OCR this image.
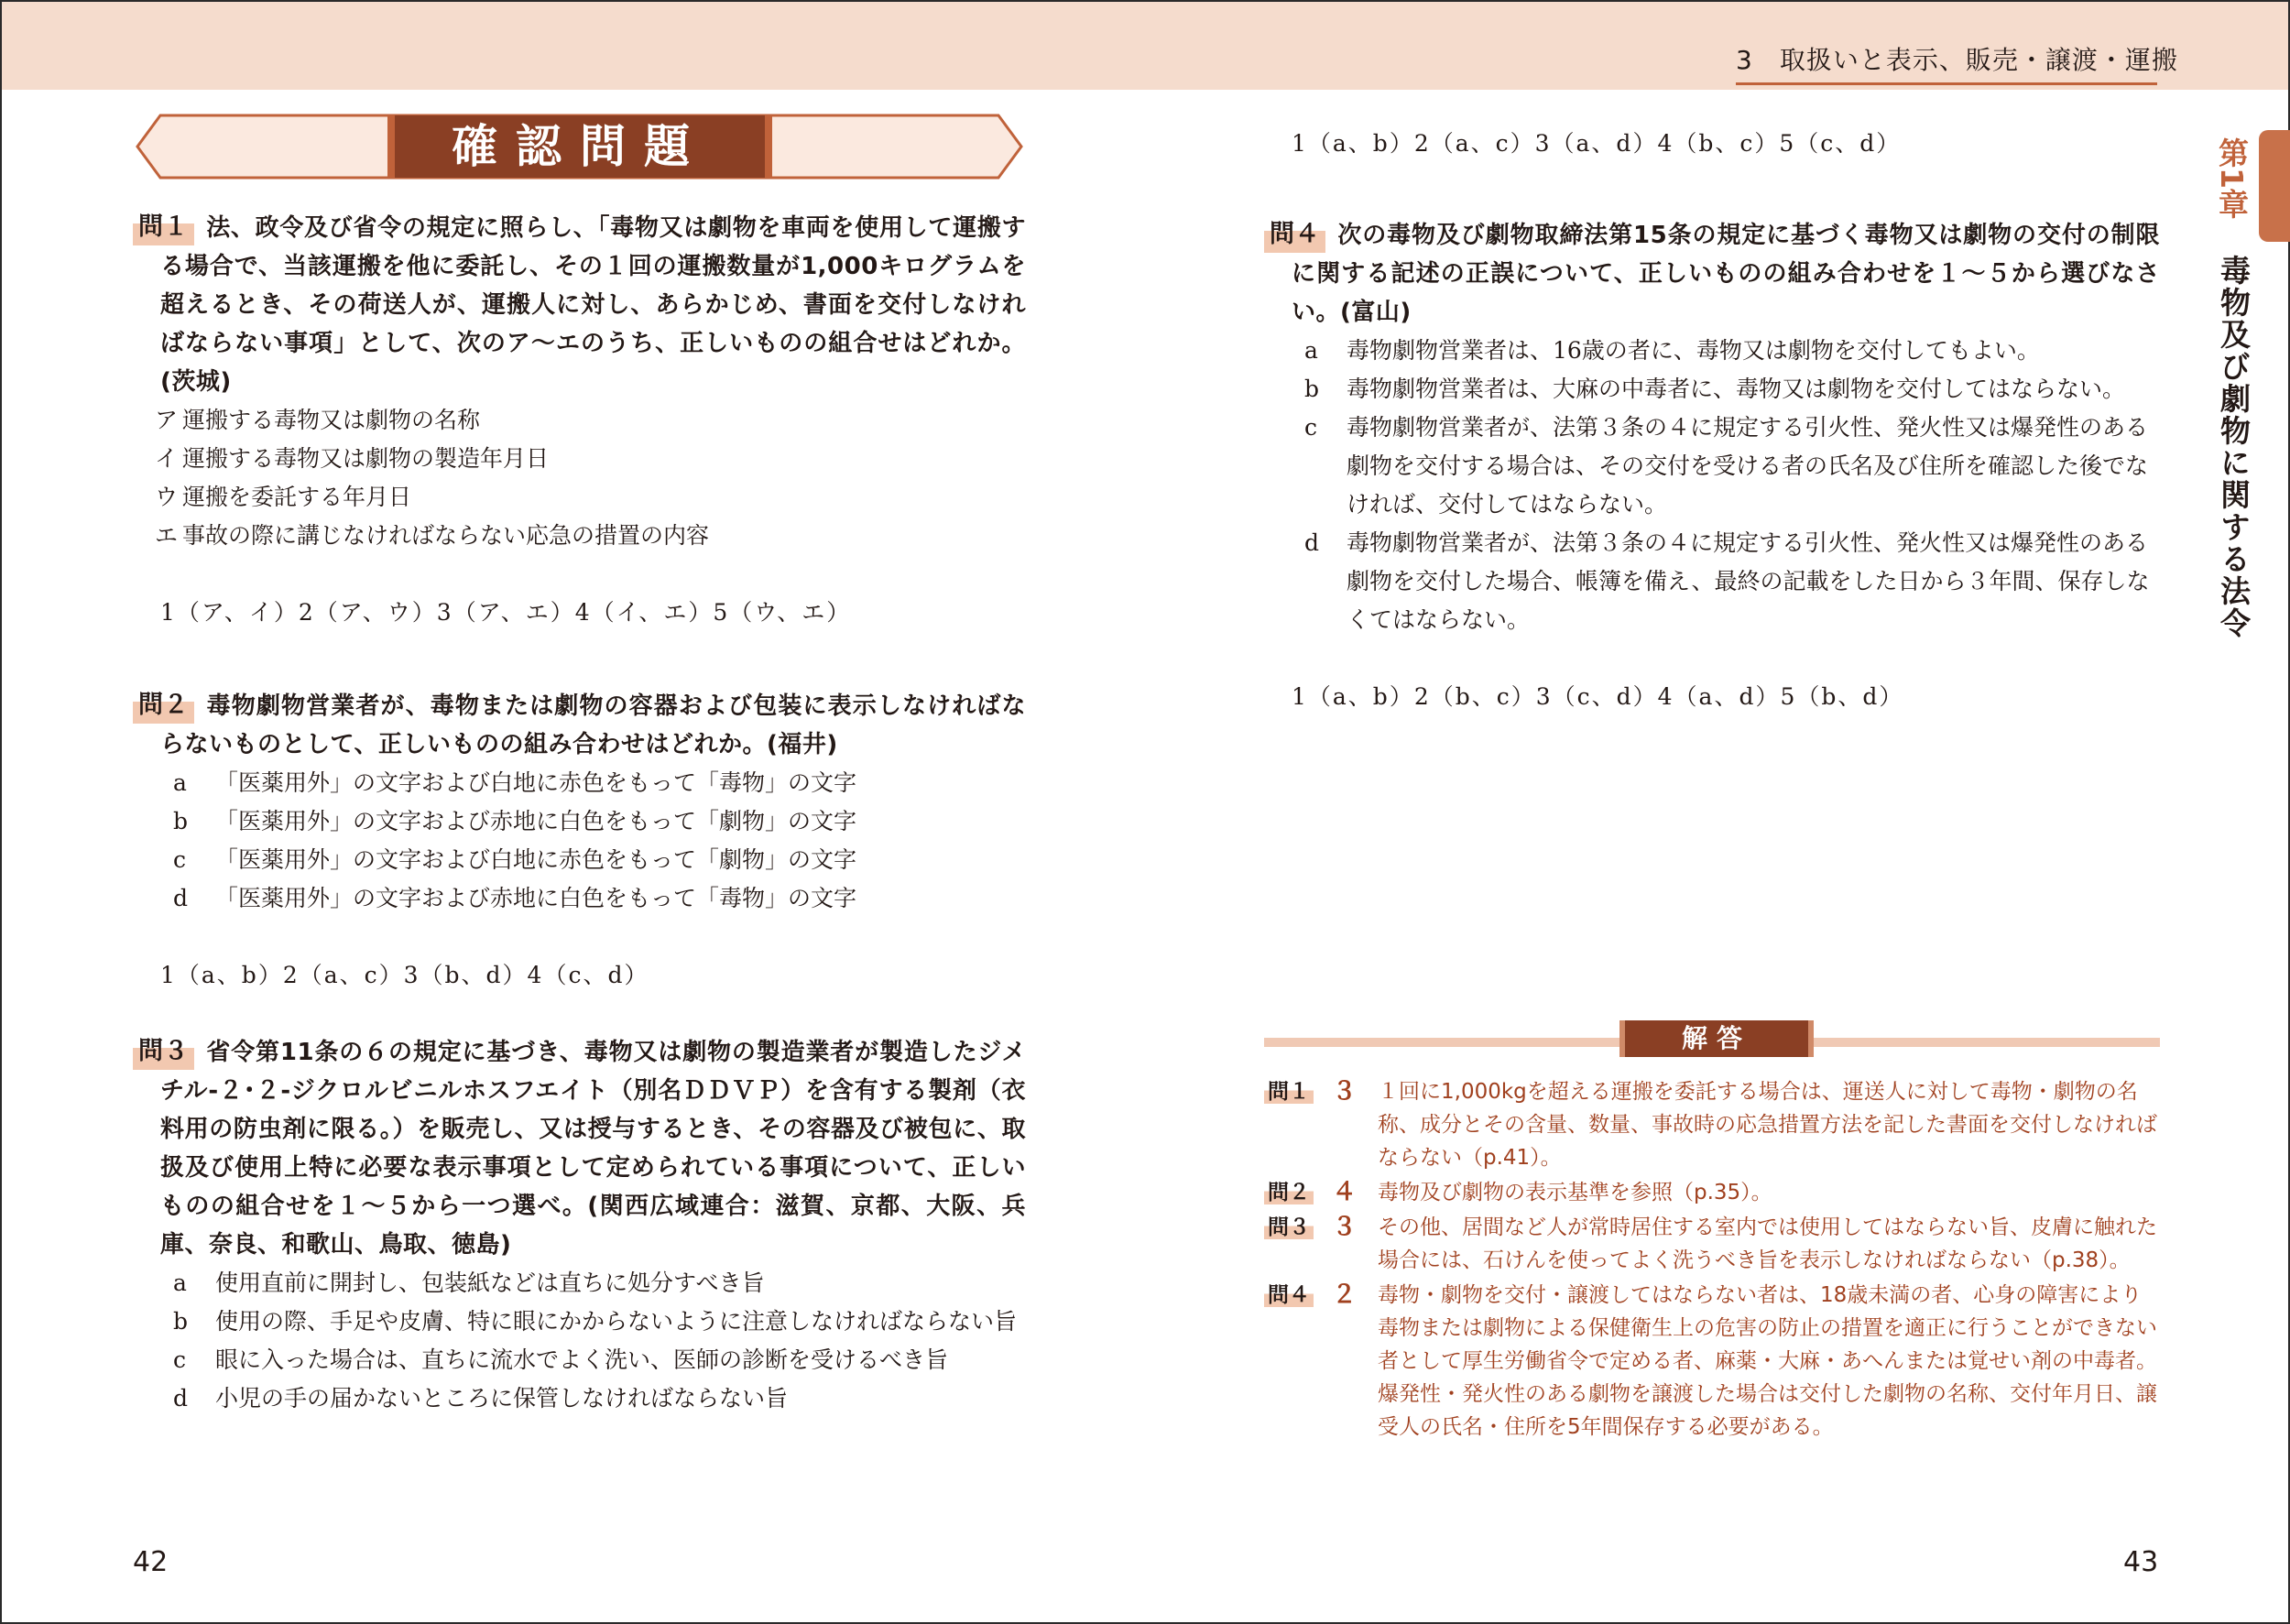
3　取扱いと表示、販売・譲渡・運搬
第1章
毒物及び劇物に関する法令
確認問題
問１ 法、政令及び省令の規定に照らし、「毒物又は劇物を車両を使用して運搬する場合で、当該運搬を他に委託し、その１回の運搬数量が1,000キログラムを超えるとき、その荷送人が、運搬人に対し、あらかじめ、書面を交付しなければならない事項」として、次のア～エのうち、正しいものの組合せはどれか。(茨城)
ア 運搬する毒物又は劇物の名称
イ 運搬する毒物又は劇物の製造年月日
ウ 運搬を委託する年月日
エ 事故の際に講じなければならない応急の措置の内容
1（ア、イ）2（ア、ウ）3（ア、エ）4（イ、エ）5（ウ、エ）
問２ 毒物劇物営業者が、毒物または劇物の容器および包装に表示しなければならないものとして、正しいものの組み合わせはどれか。(福井)
a	「医薬用外」の文字および白地に赤色をもって「毒物」の文字
b	「医薬用外」の文字および赤地に白色をもって「劇物」の文字
c	「医薬用外」の文字および白地に赤色をもって「劇物」の文字
d	「医薬用外」の文字および赤地に白色をもって「毒物」の文字
1（a、b）2（a、c）3（b、d）4（c、d）
問３ 省令第11条の６の規定に基づき、毒物又は劇物の製造業者が製造したジメチル-２･２-ジクロルビニルホスフエイト（別名ＤＤＶＰ）を含有する製剤（衣料用の防虫剤に限る。）を販売し、又は授与するとき、その容器及び被包に、取扱及び使用上特に必要な表示事項として定められている事項について、正しいものの組合せを１～５から一つ選べ。(関西広域連合：滋賀、京都、大阪、兵庫、奈良、和歌山、鳥取、徳島)
a	使用直前に開封し、包装紙などは直ちに処分すべき旨
b	使用の際、手足や皮膚、特に眼にかからないように注意しなければならない旨
c	眼に入った場合は、直ちに流水でよく洗い、医師の診断を受けるべき旨
d	小児の手の届かないところに保管しなければならない旨
1（a、b）2（a、c）3（a、d）4（b、c）5（c、d）
問４ 次の毒物及び劇物取締法第15条の規定に基づく毒物又は劇物の交付の制限に関する記述の正誤について、正しいものの組み合わせを１～５から選びなさい。(富山)
a	毒物劇物営業者は、16歳の者に、毒物又は劇物を交付してもよい。
b	毒物劇物営業者は、大麻の中毒者に、毒物又は劇物を交付してはならない。
c	毒物劇物営業者が、法第３条の４に規定する引火性、発火性又は爆発性のある劇物を交付する場合は、その交付を受ける者の氏名及び住所を確認した後でなければ、交付してはならない。
d	毒物劇物営業者が、法第３条の４に規定する引火性、発火性又は爆発性のある劇物を交付した場合、帳簿を備え、最終の記載をした日から３年間、保存しなくてはならない。
1（a、b）2（b、c）3（c、d）4（a、d）5（b、d）
解答
問１ ３	１回に1,000kgを超える運搬を委託する場合は、運送人に対して毒物・劇物の名称、成分とその含量、数量、事故時の応急措置方法を記した書面を交付しなければならない（p.41）。
問２ ４	毒物及び劇物の表示基準を参照（p.35）。
問３ ３	その他、居間など人が常時居住する室内では使用してはならない旨、皮膚に触れた場合には、石けんを使ってよく洗うべき旨を表示しなければならない（p.38）。
問４ ２	毒物・劇物を交付・譲渡してはならない者は、18歳未満の者、心身の障害により毒物または劇物による保健衛生上の危害の防止の措置を適正に行うことができない者として厚生労働省令で定める者、麻薬・大麻・あへんまたは覚せい剤の中毒者。爆発性・発火性のある劇物を譲渡した場合は交付した劇物の名称、交付年月日、譲受人の氏名・住所を5年間保存する必要がある。
42	43
